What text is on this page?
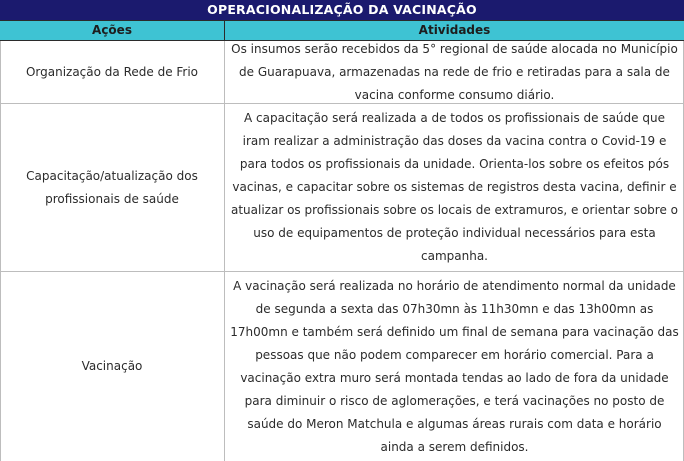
OPERACIONALIZAÇÃO DA VACINAÇÃO
Ações	Atividades
Organização da Rede de Frio
Os insumos serão recebidos da 5° regional de saúde alocada no Município de Guarapuava, armazenadas na rede de frio e retiradas para a sala de vacina conforme consumo diário.
Capacitação/atualização dos profissionais de saúde
A capacitação será realizada a de todos os profissionais de saúde que iram realizar a administração das doses da vacina contra o Covid-19 e para todos os profissionais da unidade. Orienta-los sobre os efeitos pós vacinas, e capacitar sobre os sistemas de registros desta vacina, definir e atualizar os profissionais sobre os locais de extramuros, e orientar sobre o uso de equipamentos de proteção individual necessários para esta campanha.
Vacinação
A vacinação será realizada no horário de atendimento normal da unidade de segunda a sexta das 07h30mn às 11h30mn e das 13h00mn as 17h00mn e também será definido um final de semana para vacinação das pessoas que não podem comparecer em horário comercial. Para a vacinação extra muro será montada tendas ao lado de fora da unidade para diminuir o risco de aglomerações, e terá vacinações no posto de saúde do Meron Matchula e algumas áreas rurais com data e horário ainda a serem definidos.
